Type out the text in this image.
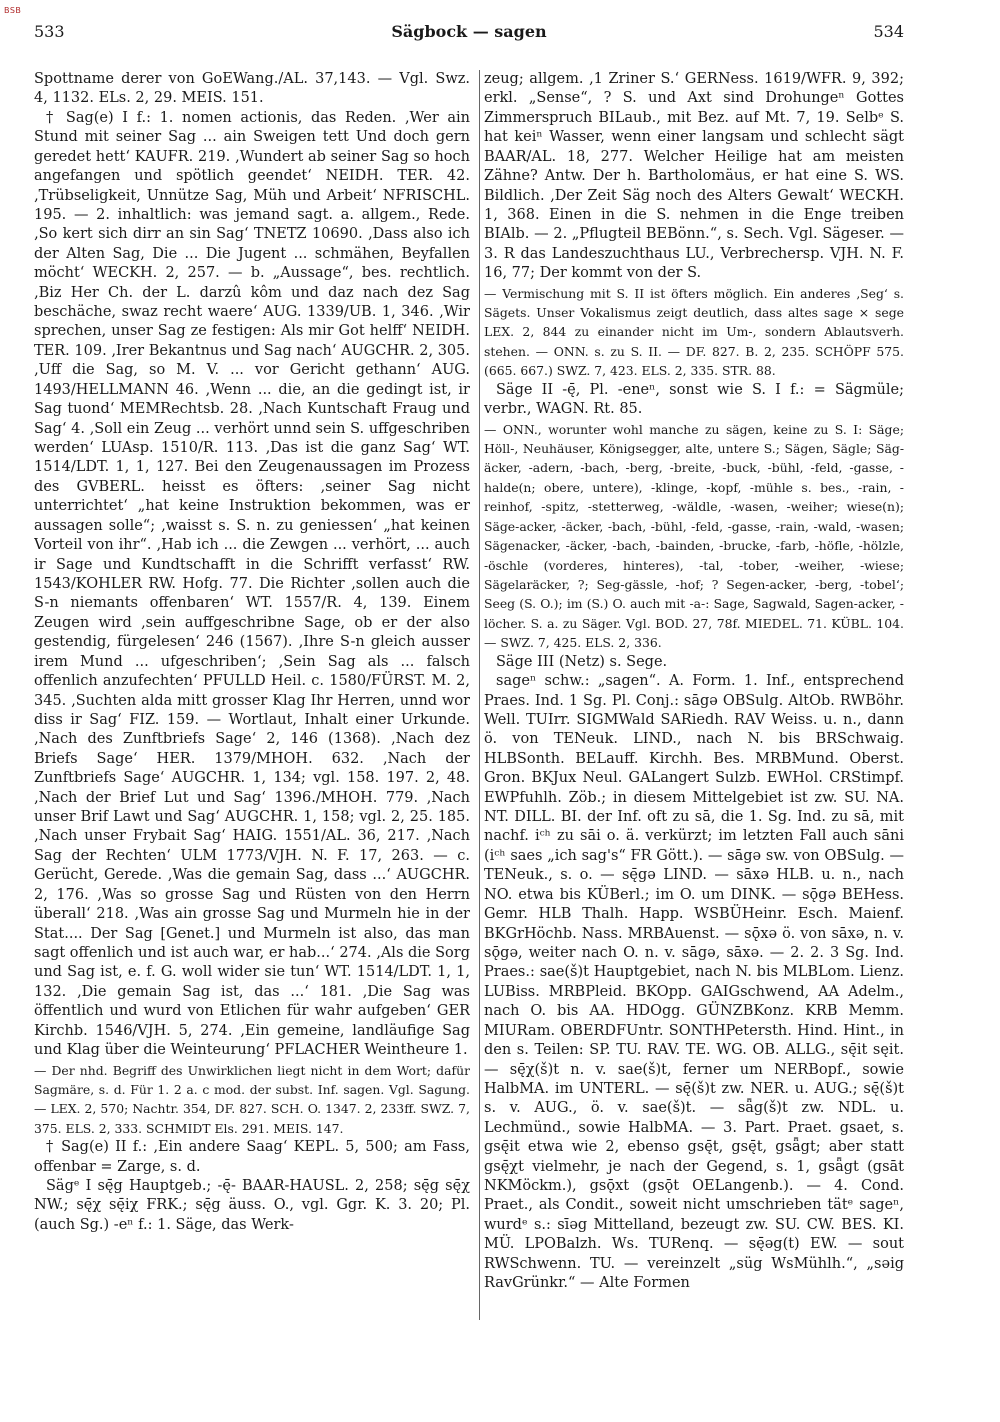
BSB
533	Sägbock — sagen	534

Spottname derer von GoEWang./AL. 37,143. — Vgl. Swz. 4, 1132. ELs. 2, 29. MEIS. 151.

† Sag(e) I f.: 1. nomen actionis, das Reden. ‚Wer ain Stund mit seiner Sag ... ain Sweigen tett Und doch gern geredet hett‘ KAUFR. 219. ‚Wundert ab seiner Sag so hoch angefangen und spötlich geendet‘ NEIDH. TER. 42. ‚Trübseligkeit, Unnütze Sag, Müh und Arbeit‘ NFRISCHL. 195. — 2. inhaltlich: was jemand sagt. a. allgem., Rede. ‚So kert sich dirr an sin Sag‘ TNETZ 10690. ‚Dass also ich der Alten Sag, Die ... Die Jugent ... schmähen, Beyfallen möcht‘ WECKH. 2, 257. — b. „Aussage“, bes. rechtlich. ‚Biz Her Ch. der L. darzû kôm und daz nach dez Sag beschäche, swaz recht waere‘ AUG. 1339/UB. 1, 346. ‚Wir sprechen, unser Sag ze festigen: Als mir Got helff‘ NEIDH. TER. 109. ‚Irer Bekantnus und Sag nach‘ AUGCHR. 2, 305. ‚Uff die Sag, so M. V. ... vor Gericht gethann‘ AUG. 1493/HELLMANN 46. ‚Wenn ... die, an die gedingt ist, ir Sag tuond‘ MEMRechtsb. 28. ‚Nach Kuntschaft Fraug und Sag‘ 4. ‚Soll ein Zeug ... verhört unnd sein S. uffgeschriben werden‘ LUAsp. 1510/R. 113. ‚Das ist die ganz Sag‘ WT. 1514/LDT. 1, 1, 127. Bei den Zeugenaussagen im Prozess des GVBERL. heisst es öfters: ‚seiner Sag nicht unterrichtet‘ „hat keine Instruktion bekommen, was er aussagen solle“; ‚waisst s. S. n. zu geniessen‘ „hat keinen Vorteil von ihr“. ‚Hab ich ... die Zewgen ... verhört, ... auch ir Sage und Kundtschafft in die Schrifft verfasst‘ RW. 1543/KOHLER RW. Hofg. 77. Die Richter ‚sollen auch die S-n niemants offenbaren‘ WT. 1557/R. 4, 139. Einem Zeugen wird ‚sein auffgeschribne Sage, ob er der also gestendig, fürgelesen‘ 246 (1567). ‚Ihre S-n gleich ausser irem Mund ... ufgeschriben‘; ‚Sein Sag als ... falsch offenlich anzufechten‘ PFULLD Heil. c. 1580/FÜRST. M. 2, 345. ‚Suchten alda mitt grosser Klag Ihr Herren, unnd wor diss ir Sag‘ FIZ. 159. — Wortlaut, Inhalt einer Urkunde. ‚Nach des Zunftbriefs Sage‘ 2, 146 (1368). ‚Nach dez Briefs Sage‘ HER. 1379/MHOH. 632. ‚Nach der Zunftbriefs Sage‘ AUGCHR. 1, 134; vgl. 158. 197. 2, 48. ‚Nach der Brief Lut und Sag‘ 1396./MHOH. 779. ‚Nach unser Brif Lawt und Sag‘ AUGCHR. 1, 158; vgl. 2, 25. 185. ‚Nach unser Frybait Sag‘ HAIG. 1551/AL. 36, 217. ‚Nach Sag der Rechten‘ ULM 1773/VJH. N. F. 17, 263. — c. Gerücht, Gerede. ‚Was die gemain Sag, dass ...‘ AUGCHR. 2, 176. ‚Was so grosse Sag und Rüsten von den Herrn überall‘ 218. ‚Was ain grosse Sag und Murmeln hie in der Stat.... Der Sag [Genet.] und Murmeln ist also, das man sagt offenlich und ist auch war, er hab...‘ 274. ‚Als die Sorg und Sag ist, e. f. G. woll wider sie tun‘ WT. 1514/LDT. 1, 1, 132. ‚Die gemain Sag ist, das ...‘ 181. ‚Die Sag was öffentlich und wurd von Etlichen für wahr aufgeben‘ GER Kirchb. 1546/VJH. 5, 274. ‚Ein gemeine, landläufige Sag und Klag über die Weinteurung‘ PFLACHER Weintheure 1.

— Der nhd. Begriff des Unwirklichen liegt nicht in dem Wort; dafür Sagmäre, s. d. Für 1. 2 a. c mod. der subst. Inf. sagen. Vgl. Sagung. — LEX. 2, 570; Nachtr. 354, DF. 827. SCH. O. 1347. 2, 233ff. SWZ. 7, 375. ELS. 2, 333. SCHMIDT Els. 291. MEIS. 147.

† Sag(e) II f.: ‚Ein andere Saag‘ KEPL. 5, 500; am Fass, offenbar = Zarge, s. d.

Sägᵉ I sę̄g Hauptgeb.; -ę̄- BAAR-HAUSL. 2, 258; sę̄g sę̄χ NW.; sę̄χ sę̄iχ FRK.; sę̄g äuss. O., vgl. Ggr. K. 3. 20; Pl. (auch Sg.) -eⁿ f.: 1. Säge, das Werk-

zeug; allgem. ‚1 Zriner S.‘ GERNess. 1619/WFR. 9, 392; erkl. „Sense“, ? S. und Axt sind Drohungeⁿ Gottes Zimmerspruch BILaub., mit Bez. auf Mt. 7, 19. Selbᵉ S. hat keiⁿ Wasser, wenn einer langsam und schlecht sägt BAAR/AL. 18, 277. Welcher Heilige hat am meisten Zähne? Antw. Der h. Bartholomäus, er hat eine S. WS. Bildlich. ‚Der Zeit Säg noch des Alters Gewalt‘ WECKH. 1, 368. Einen in die S. nehmen in die Enge treiben BIAlb. — 2. „Pflugteil BEBönn.“, s. Sech. Vgl. Sägeser. — 3. R das Landeszuchthaus LU., Verbrechersp. VJH. N. F. 16, 77; Der kommt von der S.

— Vermischung mit S. II ist öfters möglich. Ein anderes ‚Seg‘ s. Sägets. Unser Vokalismus zeigt deutlich, dass altes sage × sege LEX. 2, 844 zu einander nicht im Um-, sondern Ablautsverh. stehen. — ONN. s. zu S. II. — DF. 827. B. 2, 235. SCHÖPF 575. (665. 667.) SWZ. 7, 423. ELS. 2, 335. STR. 88.

Säge II -ę̄, Pl. -eneⁿ, sonst wie S. I f.: = Sägmüle; verbr., WAGN. Rt. 85.

— ONN., worunter wohl manche zu sägen, keine zu S. I: Säge; Höll-, Neuhäuser, Königsegger, alte, untere S.; Sägen, Sägle; Säg-äcker, -adern, -bach, -berg, -breite, -buck, -bühl, -feld, -gasse, -halde(n; obere, untere), -klinge, -kopf, -mühle s. bes., -rain, -reinhof, -spitz, -stetterweg, -wäldle, -wasen, -weiher; wiese(n); Säge-acker, -äcker, -bach, -bühl, -feld, -gasse, -rain, -wald, -wasen; Sägenacker, -äcker, -bach, -bainden, -brucke, -farb, -höfle, -hölzle, -öschle (vorderes, hinteres), -tal, -tober, -weiher, -wiese; Sägelaräcker, ?; Seg-gässle, -hof; ? Segen-acker, -berg, -tobel‘; Seeg (S. O.); im (S.) O. auch mit -a-: Sage, Sagwald, Sagen-acker, -löcher. S. a. zu Säger. Vgl. BOD. 27, 78f. MIEDEL. 71. KÜBL. 104. — SWZ. 7, 425. ELS. 2, 336.

Säge III (Netz) s. Sege.

sageⁿ schw.: „sagen“. A. Form. 1. Inf., entsprechend Praes. Ind. 1 Sg. Pl. Conj.: sāgə OBSulg. AltOb. RWBöhr. Well. TUIrr. SIGMWald SARiedh. RAV Weiss. u. n., dann ö. von TENeuk. LIND., nach N. bis BRSchwaig. HLBSonth. BELauff. Kirchh. Bes. MRBMund. Oberst. Gron. BKJux Neul. GALangert Sulzb. EWHol. CRStimpf. EWPfuhlh. Zöb.; in diesem Mittelgebiet ist zw. SU. NA. NT. DILL. BI. der Inf. oft zu sā, die 1. Sg. Ind. zu sā, mit nachf. iᶜʰ zu sāi o. ä. verkürzt; im letzten Fall auch sāni (iᶜʰ saes „ich sag's“ FR Gött.). — sāgə sw. von OBSulg. — TENeuk., s. o. — sę̄gə LIND. — sāxə HLB. u. n., nach NO. etwa bis KÜBerl.; im O. um DINK. — sǭgə BEHess. Gemr. HLB Thalh. Happ. WSBÜHeinr. Esch. Maienf. BKGrHöchb. Nass. MRBAuenst. — sǭxə ö. von sāxə, n. v. sǭgə, weiter nach O. n. v. sāgə, sāxə. — 2. 2. 3 Sg. Ind. Praes.: sae(š)t Hauptgebiet, nach N. bis MLBLom. Lienz. LUBiss. MRBPleid. BKOpp. GAIGschwend, AA Adelm., nach O. bis AA. HDOgg. GÜNZBKonz. KRB Memm. MIURam. OBERDFUntr. SONTHPetersth. Hind. Hint., in den s. Teilen: SP. TU. RAV. TE. WG. OB. ALLG., sę̄it sęit. — sę̄χ(š)t n. v. sae(š)t, ferner um NERBopf., sowie HalbMA. im UNTERL. — sę̄(š)t zw. NER. u. AUG.; sę̄(š)t s. v. AUG., ö. v. sae(š)t. — sǟg(š)t zw. NDL. u. Lechmünd., sowie HalbMA. — 3. Part. Praet. gsaet, s. gsę̄it etwa wie 2, ebenso gsę̄t, gsę̄t, gsǟgt; aber statt gsę̄χt vielmehr, je nach der Gegend, s. 1, gsǟgt (gsāt NKMöckm.), gsǭxt (gsǭt OELangenb.). — 4. Cond. Praet., als Condit., soweit nicht umschrieben tätᵉ sageⁿ, wurdᵉ s.: sīəg Mittelland, bezeugt zw. SU. CW. BES. KI. MÜ. LPOBalzh. Ws. TURenq. — sę̄əg(t) EW. — sout RWSchwenn. TU. — vereinzelt „süg WsMühlh.“, „səig RavGrünkr.“ — Alte Formen
